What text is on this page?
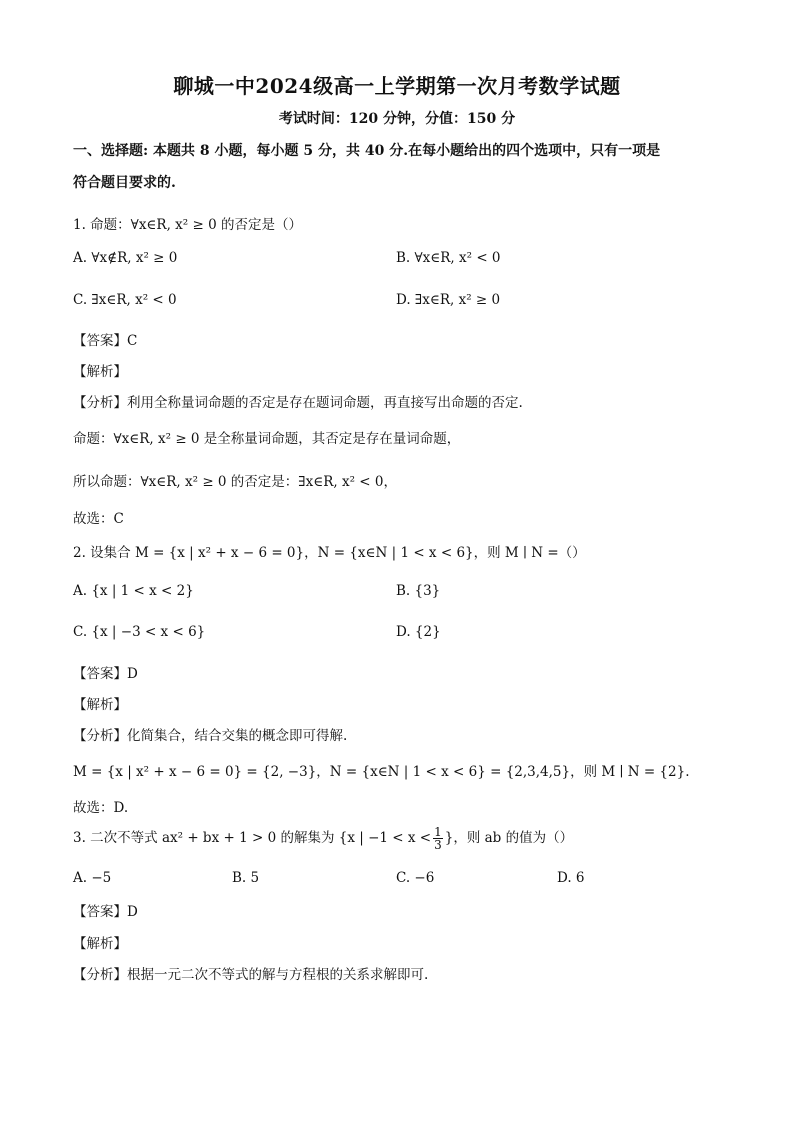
聊城一中2024级高一上学期第一次月考数学试题
考试时间：120 分钟，分值：150 分
一、选择题: 本题共 8 小题，每小题 5 分，共 40 分.在每小题给出的四个选项中，只有一项是
符合题目要求的.
1. 命题：∀x∈R, x² ≥ 0 的否定是（）
A. ∀x∉R, x² ≥ 0	B. ∀x∈R, x² < 0
C. ∃x∈R, x² < 0	D. ∃x∈R, x² ≥ 0
【答案】C
【解析】
【分析】利用全称量词命题的否定是存在题词命题，再直接写出命题的否定.
命题：∀x∈R, x² ≥ 0 是全称量词命题，其否定是存在量词命题，
所以命题：∀x∈R, x² ≥ 0 的否定是：∃x∈R, x² < 0，
故选：C
2. 设集合 M = {x | x² + x − 6 = 0}，N = {x∈N | 1 < x < 6}，则 M ∣ N =（）
A. {x | 1 < x < 2}	B. {3}
C. {x | −3 < x < 6}	D. {2}
【答案】D
【解析】
【分析】化简集合，结合交集的概念即可得解.
M = {x | x² + x − 6 = 0} = {2, −3}，N = {x∈N | 1 < x < 6} = {2,3,4,5}，则 M ∣ N = {2}.
故选：D.
3. 二次不等式 ax² + bx + 1 > 0 的解集为 {x | $-1 < x < \frac{1}{3}$ }，则 ab 的值为（）
A. −5	B. 5	C. −6	D. 6
【答案】D
【解析】
【分析】根据一元二次不等式的解与方程根的关系求解即可.
